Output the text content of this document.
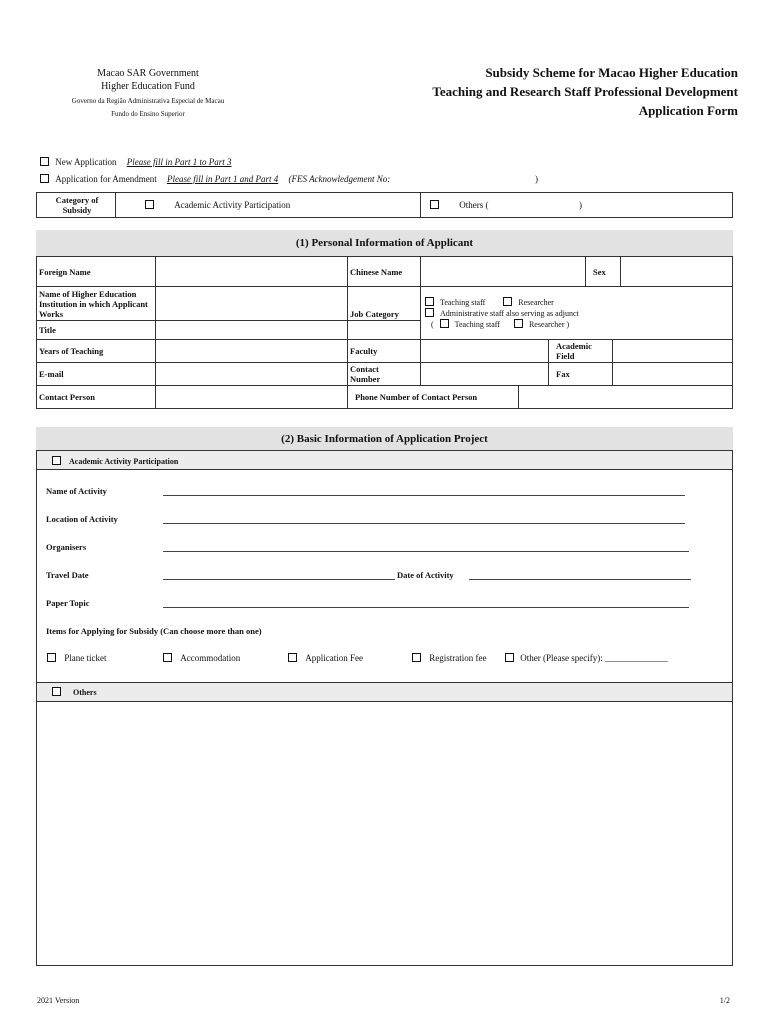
Macao SAR Government
Higher Education Fund
Governo da Região Administrativa Especial de Macau
Fundo do Ensino Superior
Subsidy Scheme for Macao Higher Education
Teaching and Research Staff Professional Development
Application Form
New Application Please fill in Part 1 to Part 3
Application for Amendment Please fill in Part 1 and Part 4 (FES Acknowledgement No:	)
Category of Subsidy	Academic Activity Participation	Others (	)
(1) Personal Information of Applicant
Foreign Name	Chinese Name	Sex
Name of Higher Education Institution in which Applicant Works	Job Category
Teaching staff	Researcher
Administrative staff also serving as adjunct
(	Teaching staff	Researcher )
Title
Years of Teaching	Faculty	Academic Field
E-mail	Contact Number	Fax
Contact Person	Phone Number of Contact Person
(2) Basic Information of Application Project
Academic Activity Participation
Name of Activity
Location of Activity
Organisers
Travel Date	Date of Activity
Paper Topic
Items for Applying for Subsidy (Can choose more than one)
Plane ticket	Accommodation	Application Fee	Registration fee	Other (Please specify): ______________
Others
2021 Version	1/2
